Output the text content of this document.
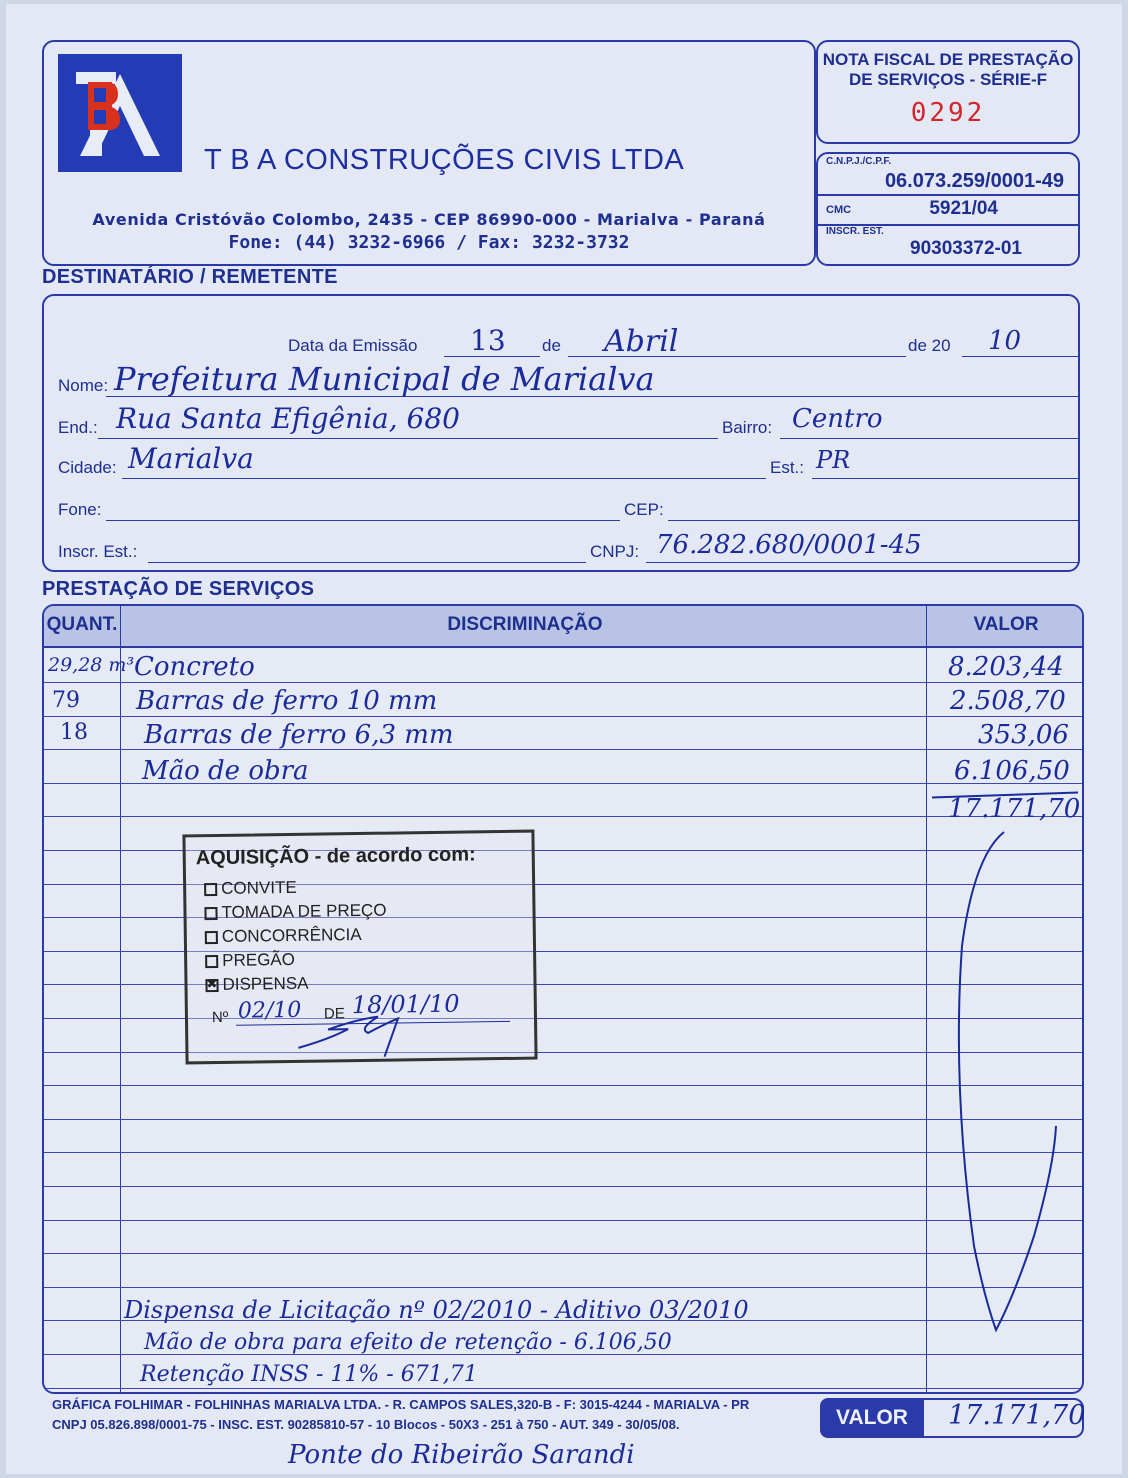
T B A CONSTRUÇÕES CIVIS LTDA
Avenida Cristóvão Colombo, 2435 - CEP 86990-000 - Marialva - Paraná
Fone: (44) 3232-6966 / Fax: 3232-3732
NOTA FISCAL DE PRESTAÇÃO
DE SERVIÇOS - SÉRIE-F
0292
C.N.P.J./C.P.F.
06.073.259/0001-49
CMC	5921/04
INSCR. EST.
90303372-01
DESTINATÁRIO / REMETENTE
Data da Emissão 13 de Abril	de 20 10
Nome: Prefeitura Municipal de Marialva
End.: Rua Santa Efigênia, 680	Bairro: Centro
Cidade: Marialva	Est.: PR
Fone:	CEP:
Inscr. Est.:	CNPJ: 76.282.680/0001-45
PRESTAÇÃO DE SERVIÇOS
QUANT.	DISCRIMINAÇÃO	VALOR
29,28 m³ Concreto	8.203,44
79 Barras de ferro 10 mm	2.508,70
18 Barras de ferro 6,3 mm	353,06
Mão de obra	6.106,50
17.171,70
Dispensa de Licitação nº 02/2010 - Aditivo 03/2010
Mão de obra para efeito de retenção - 6.106,50
Retenção INSS - 11% - 671,71
AQUISIÇÃO - de acordo com:
CONVITE
TOMADA DE PREÇO
CONCORRÊNCIA
PREGÃO
✖DISPENSA
Nº 02/10 DE 18/01/10
GRÁFICA FOLHIMAR - FOLHINHAS MARIALVA LTDA. - R. CAMPOS SALES,320-B - F: 3015-4244 - MARIALVA - PR
CNPJ 05.826.898/0001-75 - INSC. EST. 90285810-57 - 10 Blocos - 50X3 - 251 à 750 - AUT. 349 - 30/05/08.	VALOR	17.171,70
Ponte do Ribeirão Sarandi
